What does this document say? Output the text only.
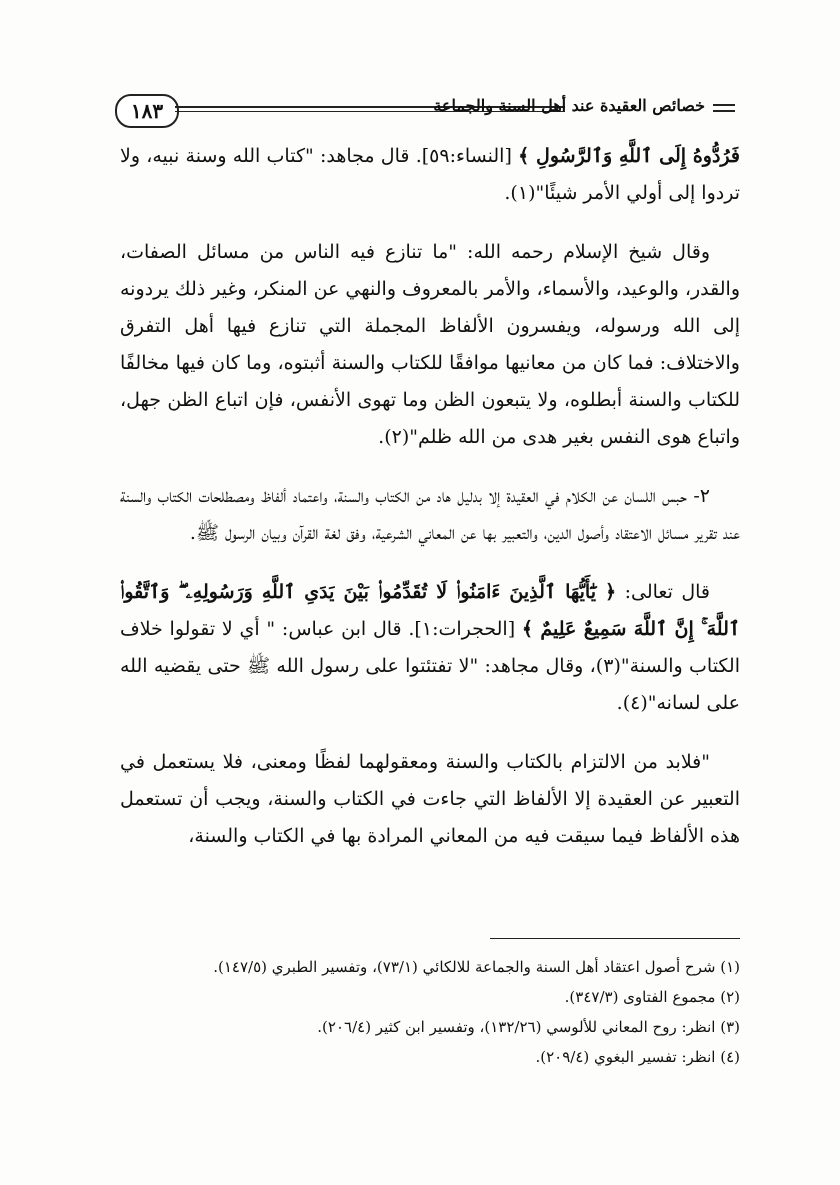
١٨٣	خصائص العقيدة عند أهل السنة والجماعة

فَرُدُّوهُ إِلَى ٱللَّهِ وَٱلرَّسُولِ ﴾ [النساء:٥٩]. قال مجاهد: "كتاب الله وسنة نبيه، ولا تردوا إلى أولي الأمر شيئًا"(١).

وقال شيخ الإسلام رحمه الله: "ما تنازع فيه الناس من مسائل الصفات، والقدر، والوعيد، والأسماء، والأمر بالمعروف والنهي عن المنكر، وغير ذلك يردونه إلى الله ورسوله، ويفسرون الألفاظ المجملة التي تنازع فيها أهل التفرق والاختلاف: فما كان من معانيها موافقًا للكتاب والسنة أثبتوه، وما كان فيها مخالفًا للكتاب والسنة أبطلوه، ولا يتبعون الظن وما تهوى الأنفس، فإن اتباع الظن جهل، واتباع هوى النفس بغير هدى من الله ظلم"(٢).

٢- حبس اللسان عن الكلام في العقيدة إلا بدليل هاد من الكتاب والسنة، واعتماد ألفاظ ومصطلحات الكتاب والسنة عند تقرير مسائل الاعتقاد وأصول الدين، والتعبير بها عن المعاني الشرعية، وفق لغة القرآن وبيان الرسول ﷺ.

قال تعالى: ﴿ يَٰٓأَيُّهَا ٱلَّذِينَ ءَامَنُوا۟ لَا تُقَدِّمُوا۟ بَيْنَ يَدَىِ ٱللَّهِ وَرَسُولِهِۦ ۖ وَٱتَّقُوا۟ ٱللَّهَ ۚ إِنَّ ٱللَّهَ سَمِيعٌ عَلِيمٌ ﴾ [الحجرات:١]. قال ابن عباس: " أي لا تقولوا خلاف الكتاب والسنة"(٣)، وقال مجاهد: "لا تفتئتوا على رسول الله ﷺ حتى يقضيه الله على لسانه"(٤).

"فلابد من الالتزام بالكتاب والسنة ومعقولهما لفظًا ومعنى، فلا يستعمل في التعبير عن العقيدة إلا الألفاظ التي جاءت في الكتاب والسنة، ويجب أن تستعمل هذه الألفاظ فيما سيقت فيه من المعاني المرادة بها في الكتاب والسنة،

(١) شرح أصول اعتقاد أهل السنة والجماعة للالكائي (٧٣/١)، وتفسير الطبري (١٤٧/٥).
(٢) مجموع الفتاوى (٣٤٧/٣).
(٣) انظر: روح المعاني للألوسي (١٣٢/٢٦)، وتفسير ابن كثير (٢٠٦/٤).
(٤) انظر: تفسير البغوي (٢٠٩/٤).
